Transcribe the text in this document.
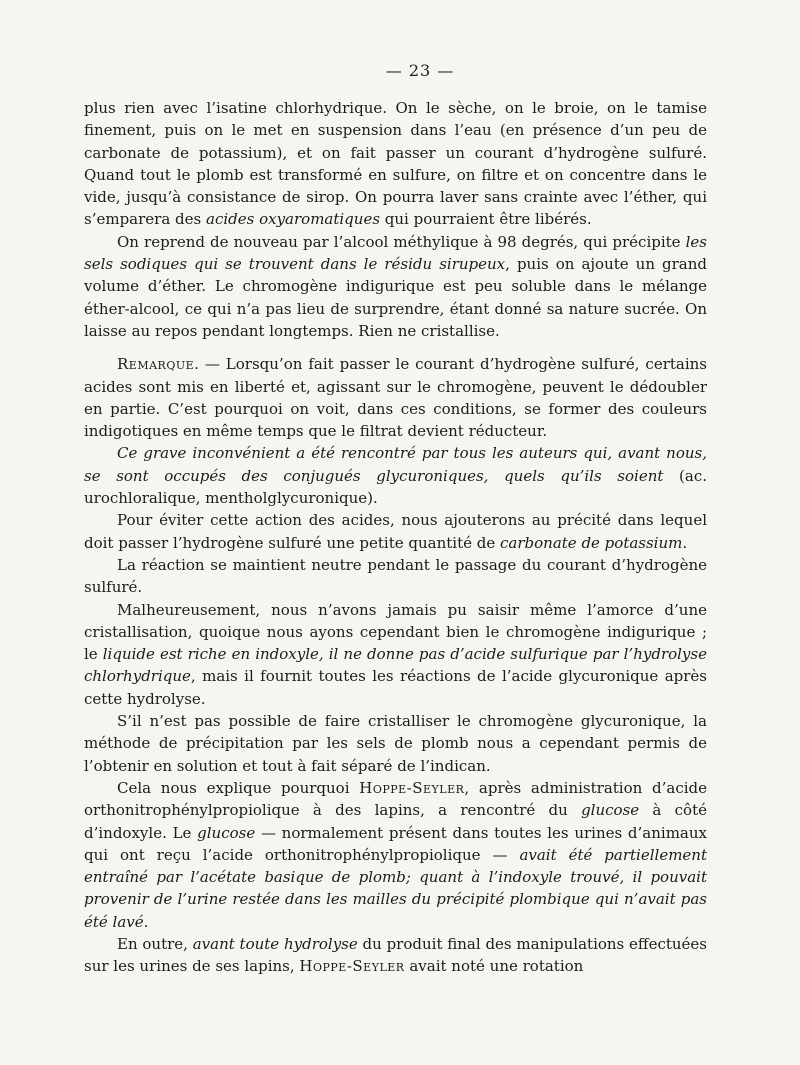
— 23 —

plus rien avec l’isatine chlorhydrique. On le sèche, on le broie, on le tamise finement, puis on le met en suspension dans l’eau (en présence d’un peu de carbonate de potassium), et on fait passer un courant d’hydrogène sulfuré. Quand tout le plomb est transformé en sulfure, on filtre et on concentre dans le vide, jusqu’à consistance de sirop. On pourra laver sans crainte avec l’éther, qui s’emparera des acides oxyaromatiques qui pourraient être libérés.

On reprend de nouveau par l’alcool méthylique à 98 degrés, qui précipite les sels sodiques qui se trouvent dans le résidu sirupeux, puis on ajoute un grand volume d’éther. Le chromogène indigurique est peu soluble dans le mélange éther-alcool, ce qui n’a pas lieu de surprendre, étant donné sa nature sucrée. On laisse au repos pendant longtemps. Rien ne cristallise.

Remarque. — Lorsqu’on fait passer le courant d’hydrogène sulfuré, certains acides sont mis en liberté et, agissant sur le chromogène, peuvent le dédoubler en partie. C’est pourquoi on voit, dans ces conditions, se former des couleurs indigotiques en même temps que le filtrat devient réducteur.

Ce grave inconvénient a été rencontré par tous les auteurs qui, avant nous, se sont occupés des conjugués glycuroniques, quels qu’ils soient (ac. urochloralique, mentholglycuronique).

Pour éviter cette action des acides, nous ajouterons au précité dans lequel doit passer l’hydrogène sulfuré une petite quantité de carbonate de potassium.

La réaction se maintient neutre pendant le passage du courant d’hydrogène sulfuré.

Malheureusement, nous n’avons jamais pu saisir même l’amorce d’une cristallisation, quoique nous ayons cependant bien le chromogène indigurique ; le liquide est riche en indoxyle, il ne donne pas d’acide sulfurique par l’hydrolyse chlorhydrique, mais il fournit toutes les réactions de l’acide glycuronique après cette hydrolyse.

S’il n’est pas possible de faire cristalliser le chromogène glycuronique, la méthode de précipitation par les sels de plomb nous a cependant permis de l’obtenir en solution et tout à fait séparé de l’indican.

Cela nous explique pourquoi Hoppe-Seyler, après administration d’acide orthonitrophénylpropiolique à des lapins, a rencontré du glucose à côté d’indoxyle. Le glucose — normalement présent dans toutes les urines d’animaux qui ont reçu l’acide orthonitrophénylpropiolique — avait été partiellement entraîné par l’acétate basique de plomb; quant à l’indoxyle trouvé, il pouvait provenir de l’urine restée dans les mailles du précipité plombique qui n’avait pas été lavé.

En outre, avant toute hydrolyse du produit final des manipulations effectuées sur les urines de ses lapins, Hoppe-Seyler avait noté une rotation
